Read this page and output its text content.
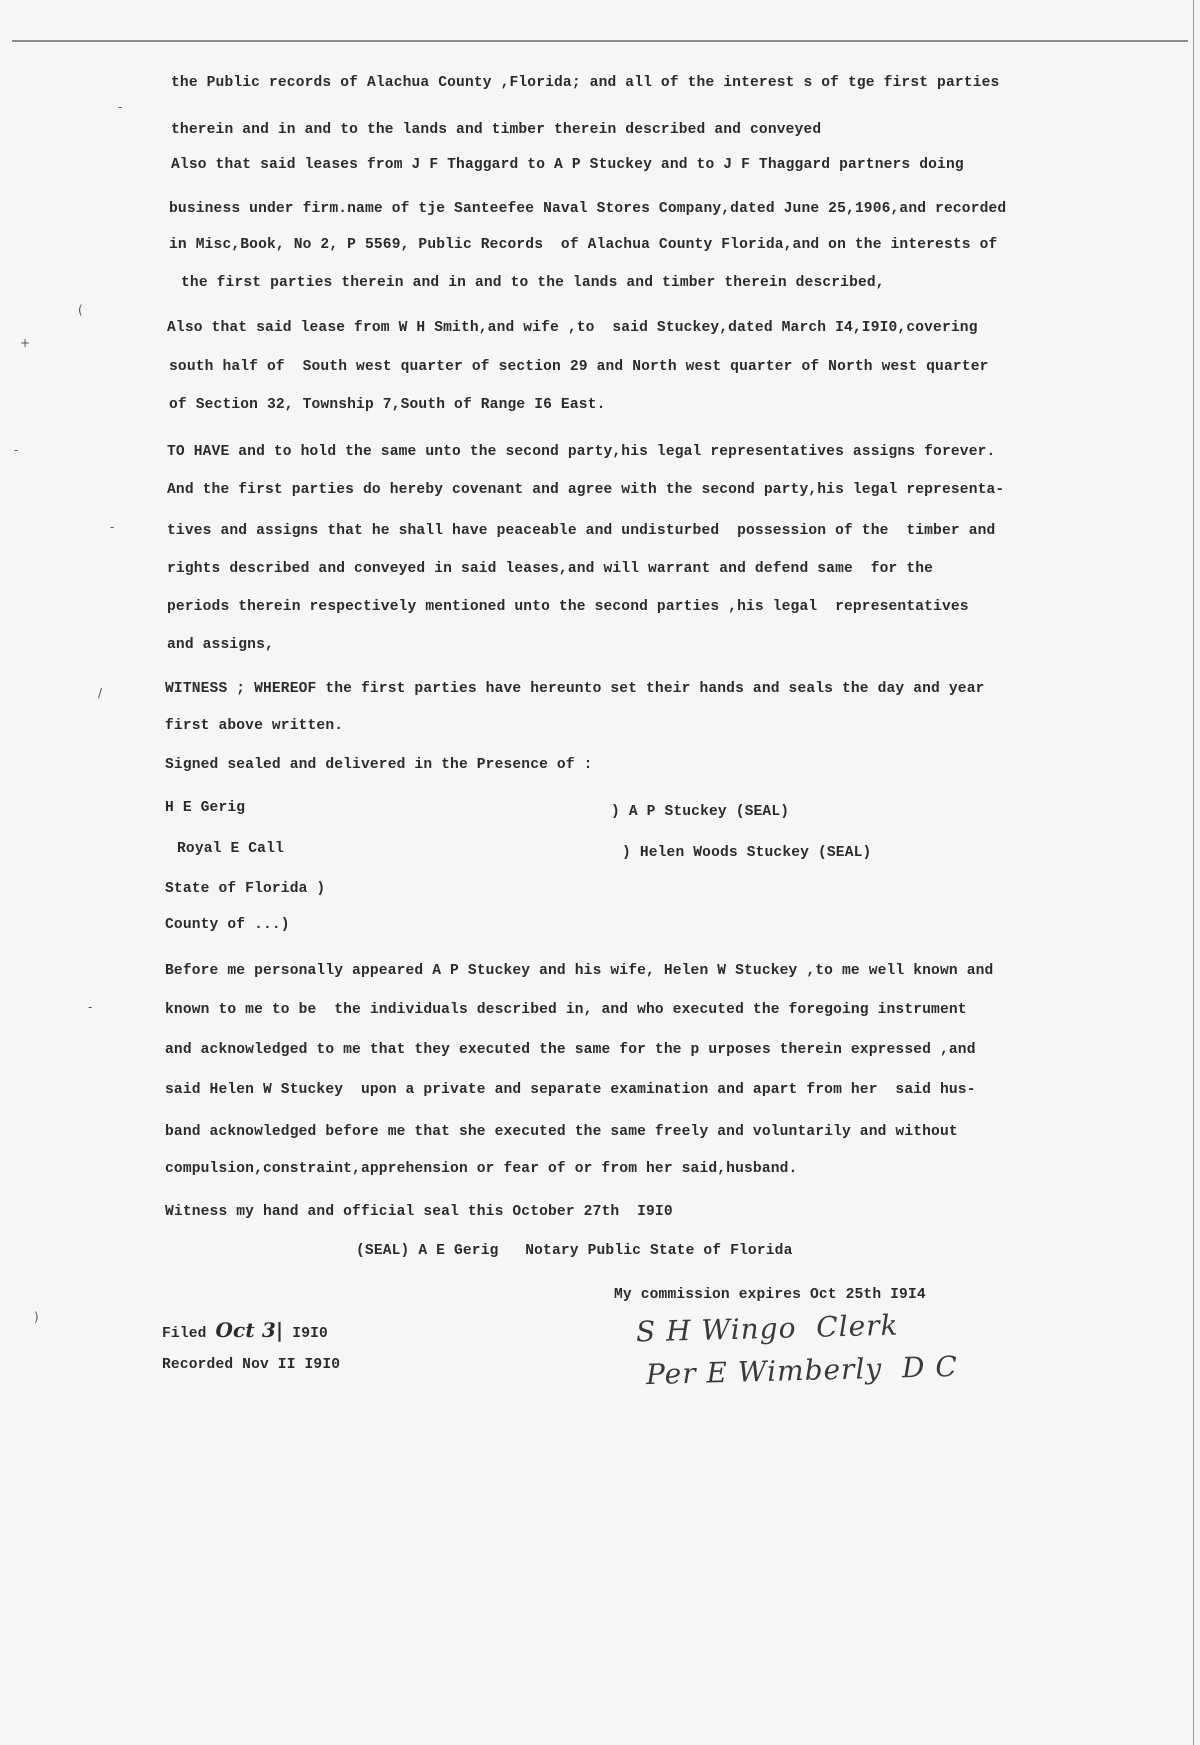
-
(
+
-
-
/
-
)
the Public records of Alachua County ,Florida; and all of the interest s of tge first parties
therein and in and to the lands and timber therein described and conveyed
Also that said leases from J F Thaggard to A P Stuckey and to J F Thaggard partners doing
business under firm.name of tje Santeefee Naval Stores Company,dated June 25,1906,and recorded
in Misc,Book, No 2, P 5569, Public Records  of Alachua County Florida,and on the interests of
the first parties therein and in and to the lands and timber therein described,
Also that said lease from W H Smith,and wife ,to  said Stuckey,dated March I4,I9I0,covering
south half of  South west quarter of section 29 and North west quarter of North west quarter
of Section 32, Township 7,South of Range I6 East.
TO HAVE and to hold the same unto the second party,his legal representatives assigns forever.
And the first parties do hereby covenant and agree with the second party,his legal representa-
tives and assigns that he shall have peaceable and undisturbed  possession of the  timber and
rights described and conveyed in said leases,and will warrant and defend same  for the
periods therein respectively mentioned unto the second parties ,his legal  representatives
and assigns,
WITNESS ; WHEREOF the first parties have hereunto set their hands and seals the day and year
first above written.
Signed sealed and delivered in the Presence of :
H E Gerig
Royal E Call
) A P Stuckey (SEAL)
) Helen Woods Stuckey (SEAL)
State of Florida )
County of ...)
Before me personally appeared A P Stuckey and his wife, Helen W Stuckey ,to me well known and
known to me to be  the individuals described in, and who executed the foregoing instrument
and acknowledged to me that they executed the same for the p urposes therein expressed ,and
said Helen W Stuckey  upon a private and separate examination and apart from her  said hus-
band acknowledged before me that she executed the same freely and voluntarily and without
compulsion,constraint,apprehension or fear of or from her said,husband.
Witness my hand and official seal this October 27th  I9I0
(SEAL) A E Gerig   Notary Public State of Florida
My commission expires Oct 25th I9I4
Filed Oct 3| I9I0
Recorded Nov II I9I0
S H Wingo  Clerk
Per E Wimberly  D C
